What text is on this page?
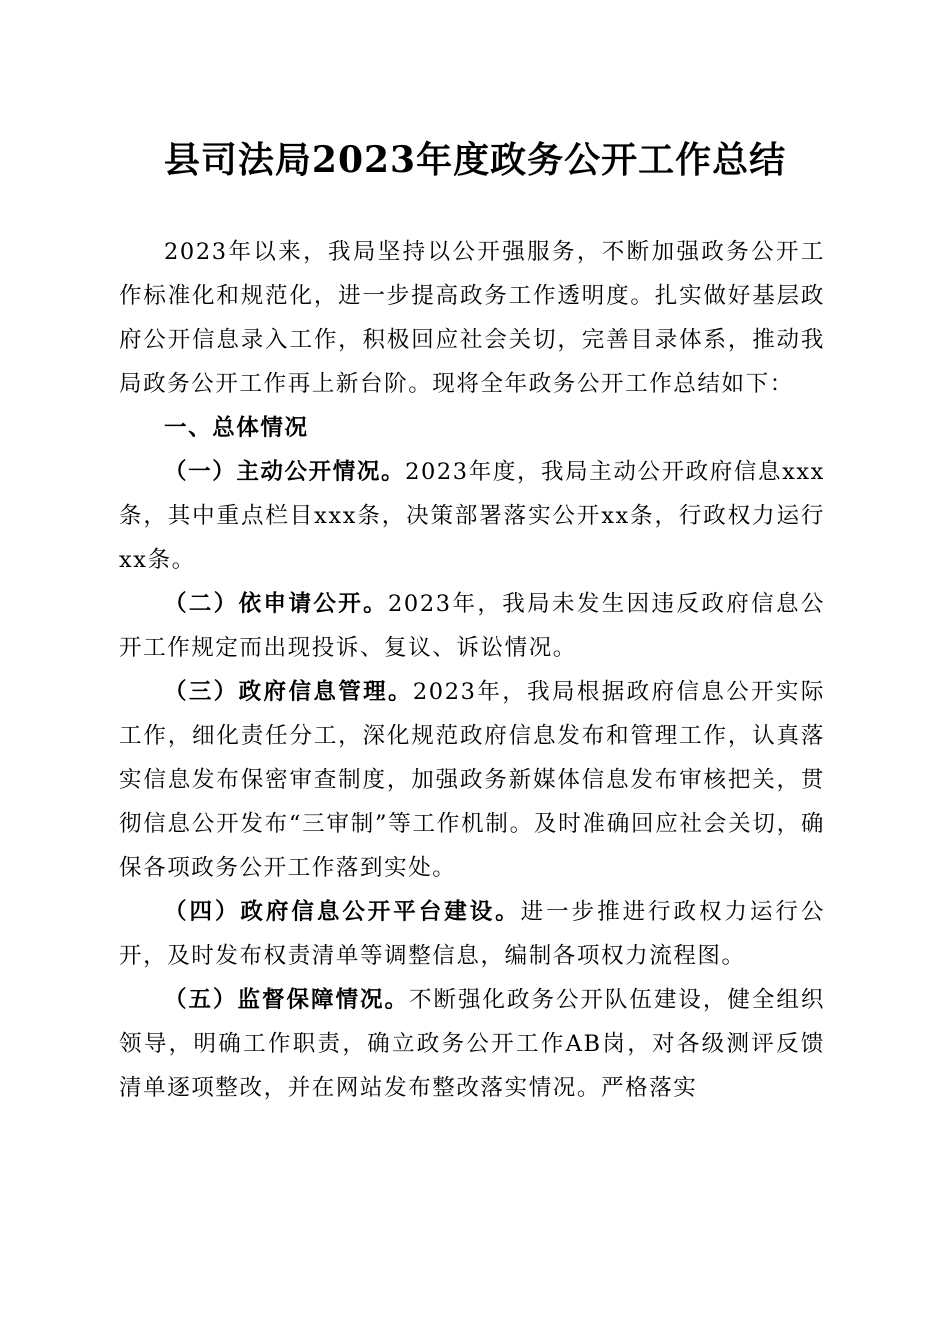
县司法局2023年度政务公开工作总结

2023年以来，我局坚持以公开强服务，不断加强政务公开工作标准化和规范化，进一步提高政务工作透明度。扎实做好基层政府公开信息录入工作，积极回应社会关切，完善目录体系，推动我局政务公开工作再上新台阶。现将全年政务公开工作总结如下：

一、总体情况

（一）主动公开情况。2023年度，我局主动公开政府信息xxx条，其中重点栏目xxx条，决策部署落实公开xx条，行政权力运行xx条。

（二）依申请公开。2023年，我局未发生因违反政府信息公开工作规定而出现投诉、复议、诉讼情况。

（三）政府信息管理。2023年，我局根据政府信息公开实际工作，细化责任分工，深化规范政府信息发布和管理工作，认真落实信息发布保密审查制度，加强政务新媒体信息发布审核把关，贯彻信息公开发布“三审制”等工作机制。及时准确回应社会关切，确保各项政务公开工作落到实处。

（四）政府信息公开平台建设。进一步推进行政权力运行公开，及时发布权责清单等调整信息，编制各项权力流程图。

（五）监督保障情况。不断强化政务公开队伍建设，健全组织领导，明确工作职责，确立政务公开工作AB岗，对各级测评反馈清单逐项整改，并在网站发布整改落实情况。严格落实
